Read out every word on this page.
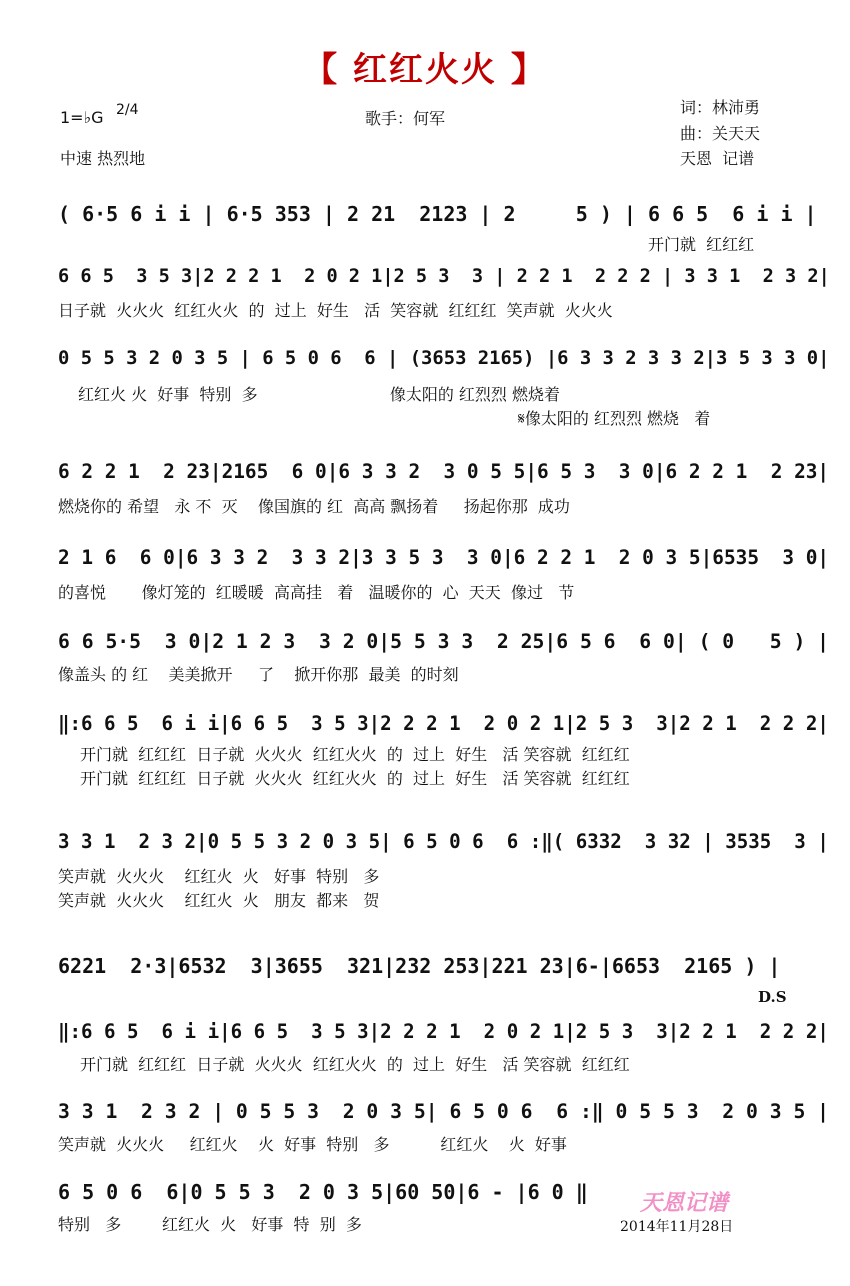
【 红红火火 】
1=♭G 2/4
中速 热烈地
歌手：何军
词：林沛勇
曲：关天天
天恩  记谱
( 6·5 6 i i | 6·5 353 | 2 21  2123 | 2     5 ) | 6 6 5  6 i i |
开门就  红红红
6 6 5  3 5 3|2 2 2 1  2 0 2 1|2 5 3  3 | 2 2 1  2 2 2 | 3 3 1  2 3 2|
日子就  火火火  红红火火  的  过上  好生   活  笑容就  红红红  笑声就  火火火
0 5 5 3 2 0 3 5 | 6 5 0 6  6 | (3653 2165) |6 3 3 2 3 3 2|3 5 3 3 0|
红红火 火  好事  特别  多                          像太阳的 红烈烈 燃烧着
𝄋像太阳的 红烈烈 燃烧   着
6 2 2 1  2 23|2165  6 0|6 3 3 2  3 0 5 5|6 5 3  3 0|6 2 2 1  2 23|
燃烧你的 希望   永 不  灭    像国旗的 红  高高 飘扬着     扬起你那  成功
2 1 6  6 0|6 3 3 2  3 3 2|3 3 5 3  3 0|6 2 2 1  2 0 3 5|6535  3 0|
的喜悦       像灯笼的  红暖暖  高高挂   着   温暖你的  心  天天  像过   节
6 6 5·5  3 0|2 1 2 3  3 2 0|5 5 3 3  2 25|6 5 6  6 0| ( 0   5 ) |
像盖头 的 红    美美掀开     了    掀开你那  最美  的时刻
‖:6 6 5  6 i i|6 6 5  3 5 3|2 2 2 1  2 0 2 1|2 5 3  3|2 2 1  2 2 2|
开门就  红红红  日子就  火火火  红红火火  的  过上  好生   活 笑容就  红红红
开门就  红红红  日子就  火火火  红红火火  的  过上  好生   活 笑容就  红红红
3 3 1  2 3 2|0 5 5 3 2 0 3 5| 6 5 0 6  6 :‖( 6332  3 32 | 3535  3 |
笑声就  火火火    红红火  火   好事  特别   多
笑声就  火火火    红红火  火   朋友  都来   贺
6221  2·3|6532  3|3655  321|232 253|221 23|6-|6653  2165 ) |
D.S
‖:6 6 5  6 i i|6 6 5  3 5 3|2 2 2 1  2 0 2 1|2 5 3  3|2 2 1  2 2 2|
开门就  红红红  日子就  火火火  红红火火  的  过上  好生   活 笑容就  红红红
3 3 1  2 3 2 | 0 5 5 3  2 0 3 5| 6 5 0 6  6 :‖ 0 5 5 3  2 0 3 5 |
笑声就  火火火     红红火    火  好事  特别   多          红红火    火  好事
6 5 0 6  6|0 5 5 3  2 0 3 5|60 50|6 - |6 0 ‖
特别   多        红红火  火   好事  特  别  多
天恩记谱
2014年11月28日
